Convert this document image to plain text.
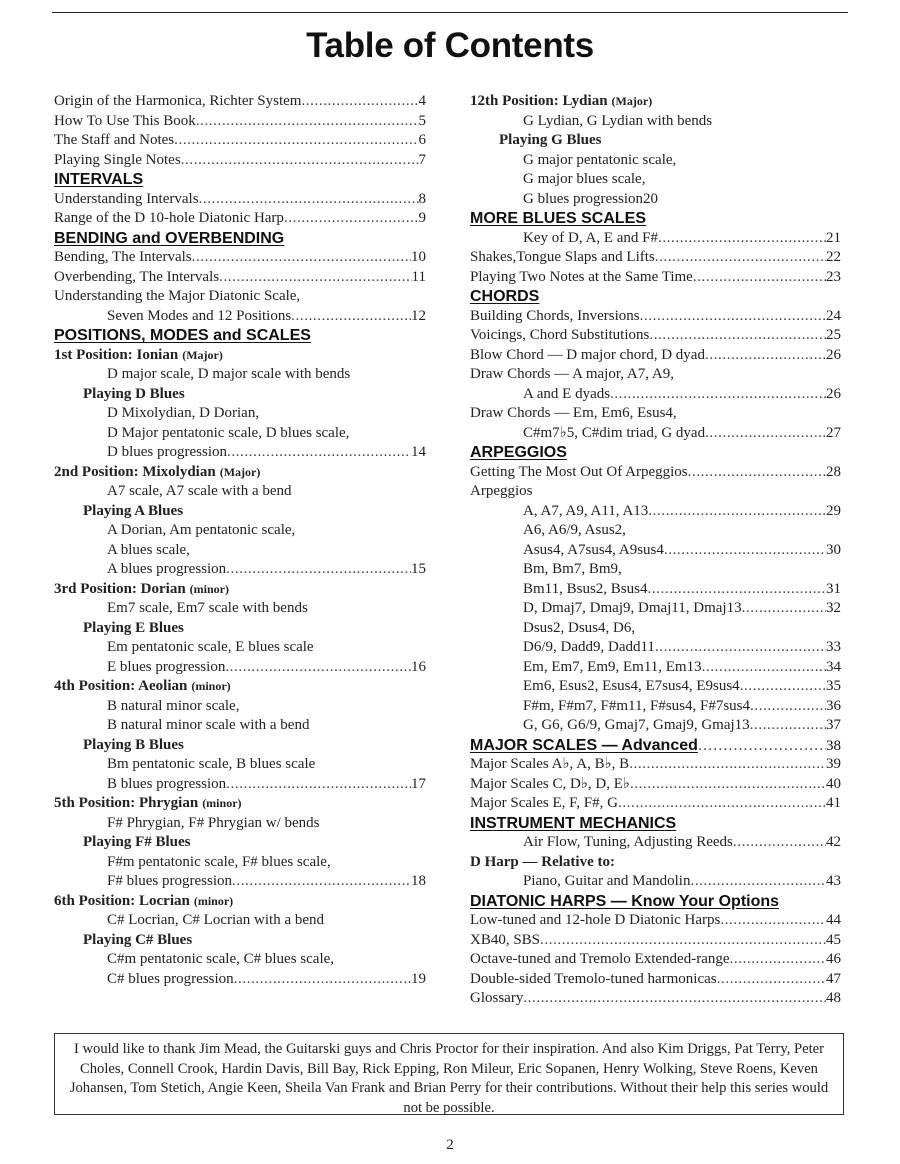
Table of Contents
Origin of the Harmonica, Richter System .....	4
How To Use This Book .....	5
The Staff and Notes .....	6
Playing Single Notes .....	7
INTERVALS
Understanding Intervals .....	8
Range of the D 10-hole Diatonic Harp .....	9
BENDING and OVERBENDING
Bending, The Intervals .....	10
Overbending, The Intervals .....	11
Understanding the Major Diatonic Scale,
Seven Modes and 12 Positions .....	12
POSITIONS, MODES and SCALES
1st Position: Ionian (Major)
D major scale, D major scale with bends
Playing D Blues
D Mixolydian, D Dorian,
D Major pentatonic scale, D blues scale,
D blues progression .....	14
2nd Position: Mixolydian (Major)
A7 scale, A7 scale with a bend
Playing A Blues
A Dorian, Am pentatonic scale,
A blues scale,
A blues progression .....	15
3rd Position: Dorian (minor)
Em7 scale, Em7 scale with bends
Playing E Blues
Em pentatonic scale, E blues scale
E blues progression .....	16
4th Position: Aeolian (minor)
B natural minor scale,
B natural minor scale with a bend
Playing B Blues
Bm pentatonic scale, B blues scale
B blues progression .....	17
5th Position: Phrygian (minor)
F# Phrygian, F# Phrygian w/ bends
Playing F# Blues
F#m pentatonic scale, F# blues scale,
F# blues progression .....	18
6th Position: Locrian (minor)
C# Locrian, C# Locrian with a bend
Playing C# Blues
C#m pentatonic scale, C# blues scale,
C# blues progression .....	19
12th Position: Lydian (Major)
G Lydian, G Lydian with bends
Playing G Blues
G major pentatonic scale,
G major blues scale,
G blues progression20
MORE BLUES SCALES
Key of D, A, E and F# .....	21
Shakes,Tongue Slaps and Lifts .....	22
Playing Two Notes at the Same Time .....	23
CHORDS
Building Chords, Inversions .....	24
Voicings, Chord Substitutions .....	25
Blow Chord — D major chord, D dyad .....	26
Draw Chords — A major, A7, A9,
A and E dyads .....	26
Draw Chords — Em, Em6, Esus4,
C#m7♭5, C#dim triad, G dyad .....	27
ARPEGGIOS
Getting The Most Out Of Arpeggios .....	28
Arpeggios
A, A7, A9, A11, A13 .....	29
A6, A6/9, Asus2,
Asus4, A7sus4, A9sus4 .....	30
Bm, Bm7, Bm9,
Bm11, Bsus2, Bsus4 .....	31
D, Dmaj7, Dmaj9, Dmaj11, Dmaj13 .....	32
Dsus2, Dsus4, D6,
D6/9, Dadd9, Dadd11 .....	33
Em, Em7, Em9, Em11, Em13 .....	34
Em6, Esus2, Esus4, E7sus4, E9sus4 .....	35
F#m, F#m7, F#m11, F#sus4, F#7sus4 .....	36
G, G6, G6/9, Gmaj7, Gmaj9, Gmaj13 .....	37
MAJOR SCALES — Advanced .....	38
Major Scales A♭, A, B♭, B .....	39
Major Scales C, D♭, D, E♭ .....	40
Major Scales E, F, F#, G .....	41
INSTRUMENT MECHANICS
Air Flow, Tuning, Adjusting Reeds .....	42
D Harp — Relative to:
Piano, Guitar and Mandolin .....	43
DIATONIC HARPS — Know Your Options
Low-tuned and 12-hole D Diatonic Harps .....	44
XB40, SBS .....	45
Octave-tuned and Tremolo Extended-range .....	46
Double-sided Tremolo-tuned harmonicas .....	47
Glossary .....	48
I would like to thank Jim Mead, the Guitarski guys and Chris Proctor for their inspiration. And also Kim Driggs, Pat Terry, Peter Choles, Connell Crook, Hardin Davis, Bill Bay, Rick Epping, Ron Mileur, Eric Sopanen, Henry Wolking, Steve Roens, Keven Johansen, Tom Stetich, Angie Keen, Sheila Van Frank and Brian Perry for their contributions. Without their help this series would not be possible.
2
